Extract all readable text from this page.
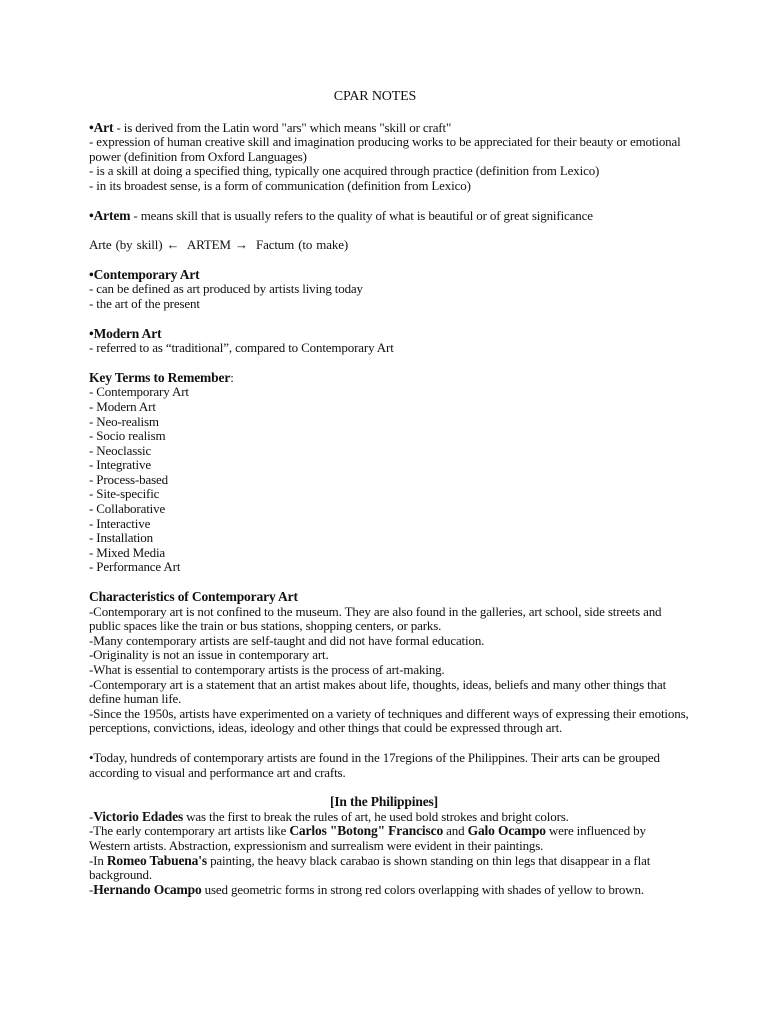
CPAR NOTES

•Art - is derived from the Latin word "ars" which means "skill or craft"

- expression of human creative skill and imagination producing works to be appreciated for their beauty or emotional power (definition from Oxford Languages)

- is a skill at doing a specified thing, typically one acquired through practice (definition from Lexico)

- in its broadest sense, is a form of communication (definition from Lexico)

•Artem - means skill that is usually refers to the quality of what is beautiful or of great significance

Arte (by skill) ← ARTEM → Factum (to make)

•Contemporary Art

- can be defined as art produced by artists living today

- the art of the present

•Modern Art

- referred to as “traditional”, compared to Contemporary Art

Key Terms to Remember:

- Contemporary Art
- Modern Art
- Neo-realism
- Socio realism
- Neoclassic
- Integrative
- Process-based
- Site-specific
- Collaborative
- Interactive
- Installation
- Mixed Media
- Performance Art

Characteristics of Contemporary Art

-Contemporary art is not confined to the museum. They are also found in the galleries, art school, side streets and public spaces like the train or bus stations, shopping centers, or parks.

-Many contemporary artists are self-taught and did not have formal education.

-Originality is not an issue in contemporary art.

-What is essential to contemporary artists is the process of art-making.

-Contemporary art is a statement that an artist makes about life, thoughts, ideas, beliefs and many other things that define human life.

-Since the 1950s, artists have experimented on a variety of techniques and different ways of expressing their emotions, perceptions, convictions, ideas, ideology and other things that could be expressed through art.

•Today, hundreds of contemporary artists are found in the 17regions of the Philippines. Their arts can be grouped according to visual and performance art and crafts.

[In the Philippines]

-Victorio Edades was the first to break the rules of art, he used bold strokes and bright colors.

-The early contemporary art artists like Carlos "Botong" Francisco and Galo Ocampo were influenced by Western artists. Abstraction, expressionism and surrealism were evident in their paintings.

-In Romeo Tabuena's painting, the heavy black carabao is shown standing on thin legs that disappear in a flat background.

-Hernando Ocampo used geometric forms in strong red colors overlapping with shades of yellow to brown.
